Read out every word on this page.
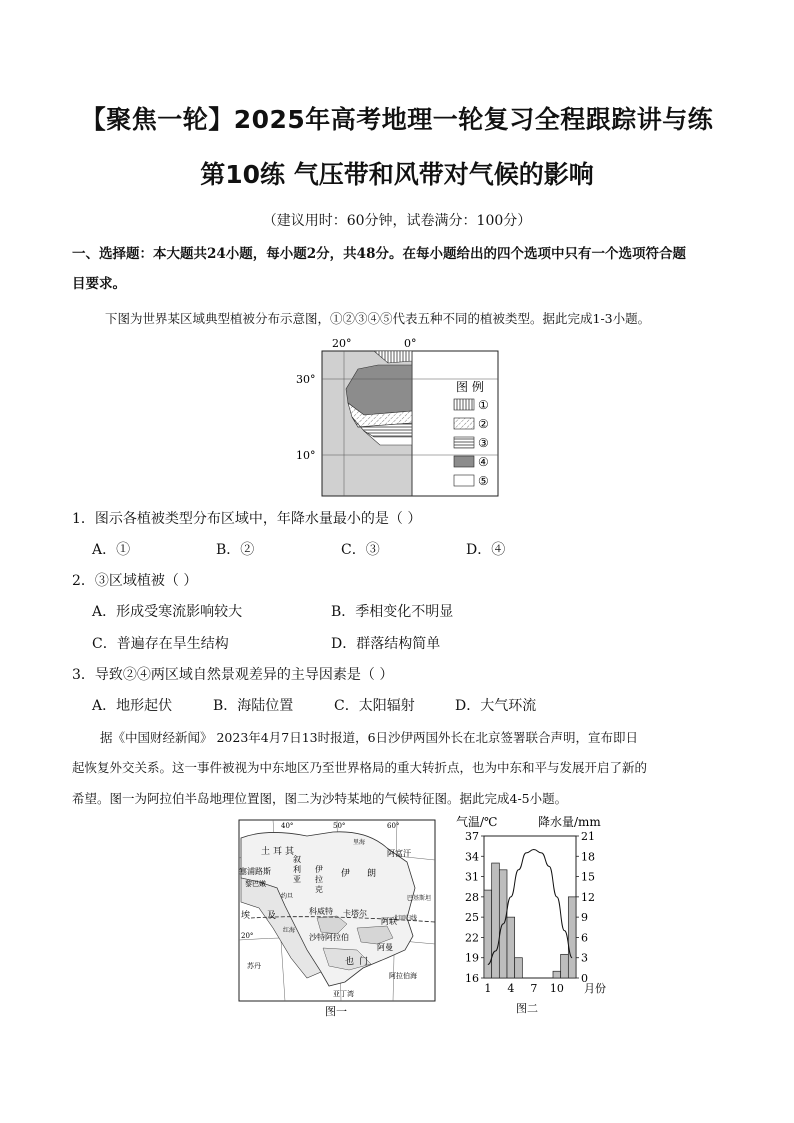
【聚焦一轮】2025年高考地理一轮复习全程跟踪讲与练
第10练 气压带和风带对气候的影响
（建议用时：60分钟，试卷满分：100分）
一、选择题：本大题共24小题，每小题2分，共48分。在每小题给出的四个选项中只有一个选项符合题
目要求。
下图为世界某区域典型植被分布示意图，①②③④⑤代表五种不同的植被类型。据此完成1-3小题。
20°	0°
30°
10°
图 例
①
②
③
④
⑤
1．图示各植被类型分布区域中，年降水量最小的是（ ）
A．①	B．②	C．③	D．④
2．③区域植被（ ）
A．形成受寒流影响较大	B．季相变化不明显
C．普遍存在旱生结构	D．群落结构简单
3．导致②④两区域自然景观差异的主导因素是（ ）
A．地形起伏	B．海陆位置	C．太阳辐射	D．大气环流
据《中国财经新闻》 2023年4月7日13时报道，6日沙伊两国外长在北京签署联合声明，宣布即日
起恢复外交关系。这一事件被视为中东地区乃至世界格局的重大转折点，也为中东和平与发展开启了新的
希望。图一为阿拉伯半岛地理位置图，图二为沙特某地的气候特征图。据此完成4-5小题。
40°	50°	60°
20°
土 耳 其
塞浦路斯
黎巴嫩
叙
利
亚
伊
拉
克
伊 朗
阿富汗
埃 及	科威特 卡塔尔
阿联
沙特阿拉伯
也 门
阿曼
阿拉伯海
亚丁湾
红海
北回归线
里海
巴基斯坦
约旦
苏丹
图一
16
19
22
25
28
31
34
37
0
3
6
9
12
15
18
21
1 4 7 10
气温/℃	降水量/mm
月份
图二
